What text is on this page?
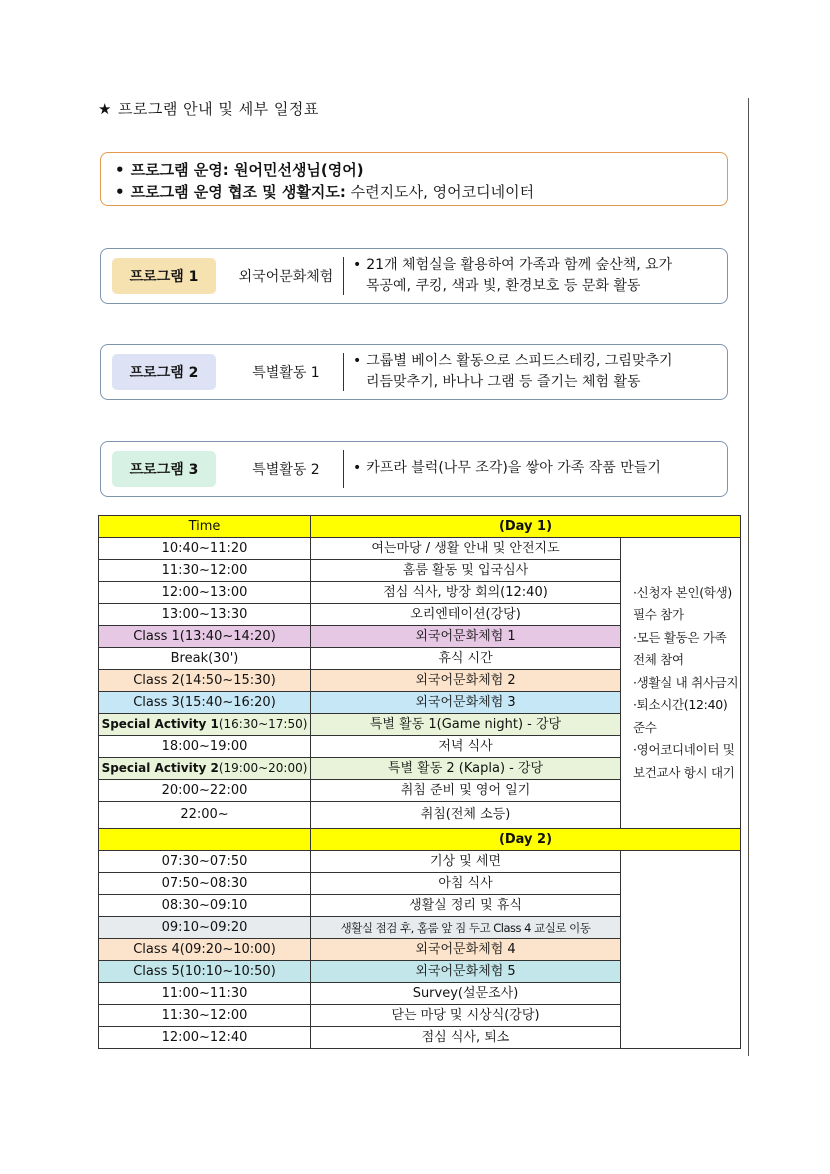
★ 프로그램 안내 및 세부 일정표
• 프로그램 운영: 원어민선생님(영어)
• 프로그램 운영 협조 및 생활지도: 수련지도사, 영어코디네이터
프로그램 1	외국어문화체험
• 21개 체험실을 활용하여 가족과 함께 숲산책, 요가
목공예, 쿠킹, 색과 빛, 환경보호 등 문화 활동
프로그램 2	특별활동 1
• 그룹별 베이스 활동으로 스피드스테킹, 그림맞추기
리듬맞추기, 바나나 그램 등 즐기는 체험 활동
프로그램 3	특별활동 2	• 카프라 블럭(나무 조각)을 쌓아 가족 작품 만들기
Time	(Day 1)	
10:40~11:20	여는마당 / 생활 안내 및 안전지도	·신청자 본인(학생) 필수 참가
·모든 활동은 가족 전체 참여
·생활실 내 취사금지
·퇴소시간(12:40) 준수
·영어코디네이터 및 보건교사 항시 대기

11:30~12:00	홈룸 활동 및 입국심사	
12:00~13:00	점심 식사, 방장 회의(12:40)	
13:00~13:30	오리엔테이션(강당)	
Class 1(13:40~14:20)	외국어문화체험 1	
Break(30')	휴식 시간	
Class 2(14:50~15:30)	외국어문화체험 2	
Class 3(15:40~16:20)	외국어문화체험 3	
Special Activity 1(16:30~17:50)	특별 활동 1(Game night) - 강당	
18:00~19:00	저녁 식사	
Special Activity 2(19:00~20:00)	특별 활동 2 (Kapla) - 강당	
20:00~22:00	취침 준비 및 영어 일기	
22:00~	취침(전체 소등)	
	(Day 2)	
07:30~07:50	기상 및 세면	
07:50~08:30	아침 식사	
08:30~09:10	생활실 정리 및 휴식	
09:10~09:20	생활실 점검 후, 홈룸 앞 짐 두고 Class 4 교실로 이동	
Class 4(09:20~10:00)	외국어문화체험 4	
Class 5(10:10~10:50)	외국어문화체험 5	
11:00~11:30	Survey(설문조사)	
11:30~12:00	닫는 마당 및 시상식(강당)	
12:00~12:40	점심 식사, 퇴소	
